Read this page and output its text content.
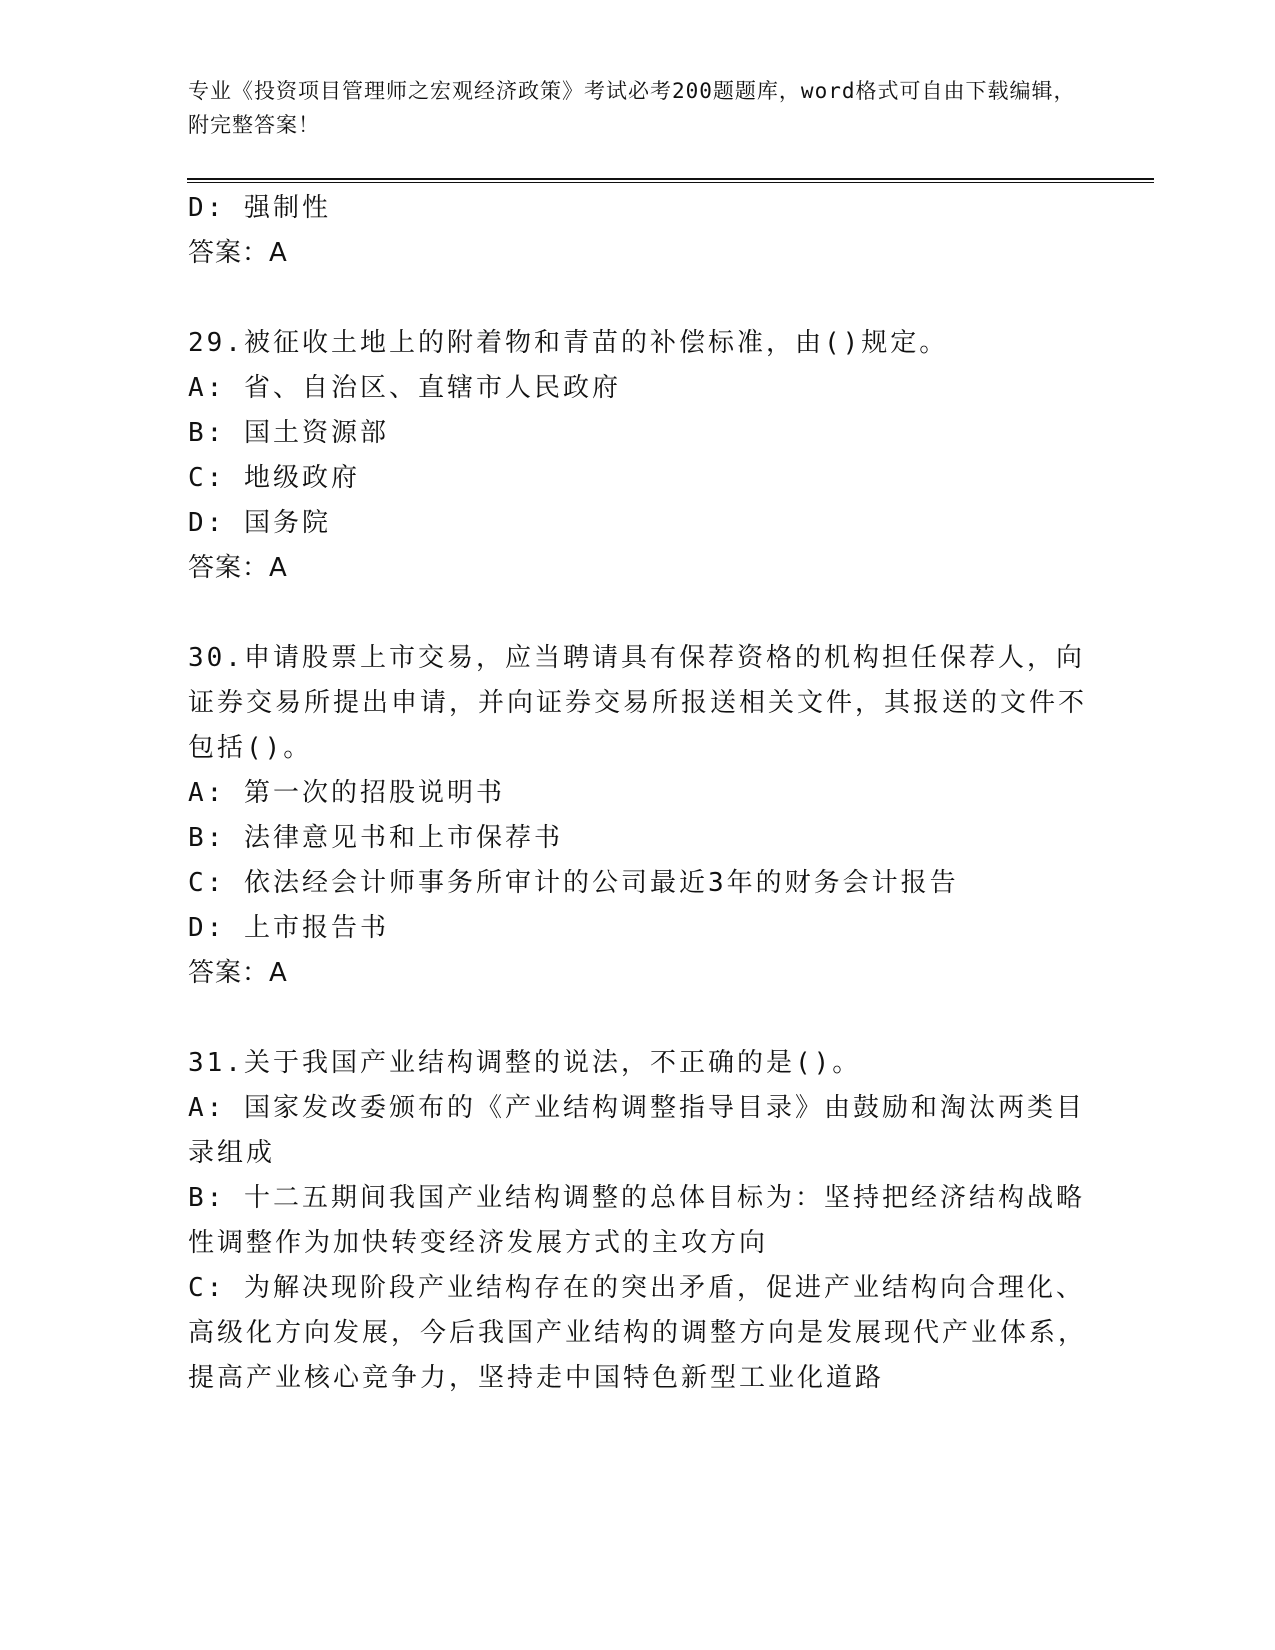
专业《投资项目管理师之宏观经济政策》考试必考200题题库，word格式可自由下载编辑，附完整答案！

D: 强制性

答案：A

29.被征收土地上的附着物和青苗的补偿标准，由()规定。

A: 省、自治区、直辖市人民政府

B: 国土资源部

C: 地级政府

D: 国务院

答案：A

30.申请股票上市交易，应当聘请具有保荐资格的机构担任保荐人，向证券交易所提出申请，并向证券交易所报送相关文件，其报送的文件不包括()。

A: 第一次的招股说明书

B: 法律意见书和上市保荐书

C: 依法经会计师事务所审计的公司最近3年的财务会计报告

D: 上市报告书

答案：A

31.关于我国产业结构调整的说法，不正确的是()。

A: 国家发改委颁布的《产业结构调整指导目录》由鼓励和淘汰两类目录组成

B: 十二五期间我国产业结构调整的总体目标为：坚持把经济结构战略性调整作为加快转变经济发展方式的主攻方向

C: 为解决现阶段产业结构存在的突出矛盾，促进产业结构向合理化、高级化方向发展，今后我国产业结构的调整方向是发展现代产业体系，提高产业核心竞争力，坚持走中国特色新型工业化道路
